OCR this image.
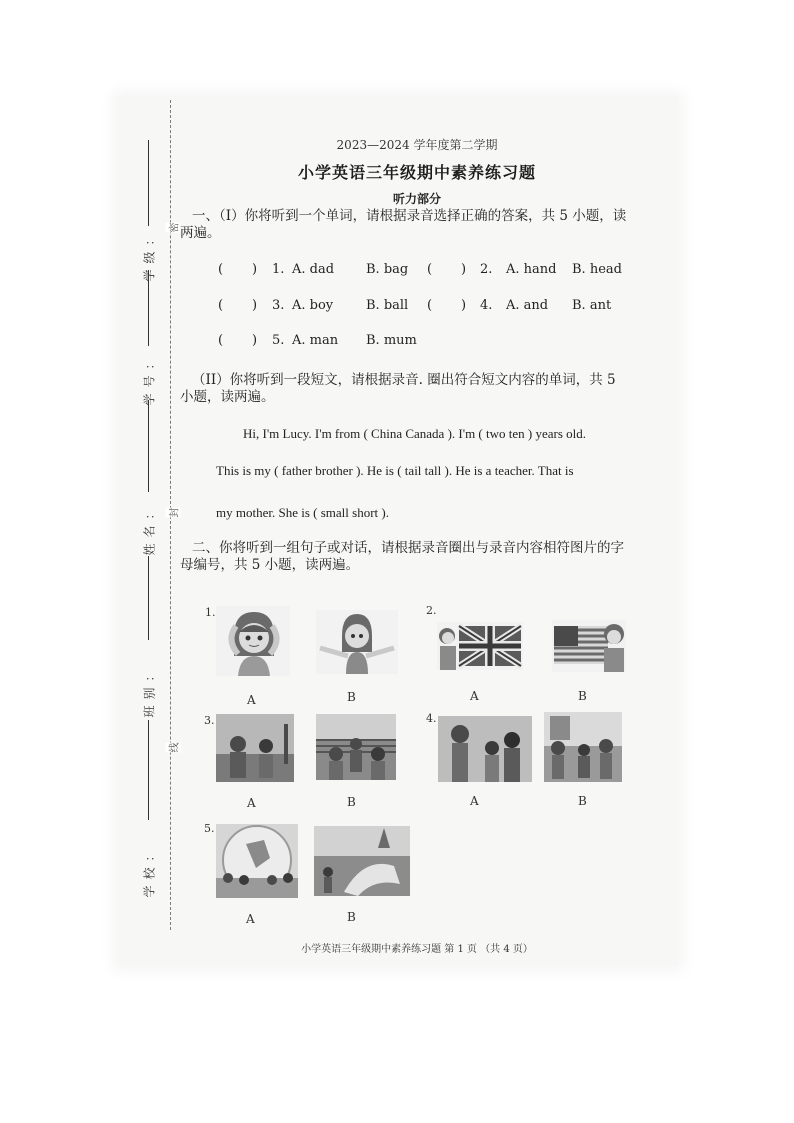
学级：
学号：
姓名：
班别：
学校：
密
封
线
2023—2024 学年度第二学期
小学英语三年级期中素养练习题
听力部分
一、（I）你将听到一个单词，请根据录音选择正确的答案，共 5 小题，读两遍。
(       ) 1. A. dad B. bag (       ) 2. A. hand B. head
(       ) 3. A. boy	B. ball (       ) 4. A. and B. ant
(       ) 5. A. man B. mum
（II）你将听到一段短文，请根据录音. 圈出符合短文内容的单词，共 5 小题，读两遍。
Hi, I'm Lucy. I'm from ( China Canada ). I'm ( two ten ) years old.
This is my ( father brother ). He is ( tail tall ). He is a teacher. That is
my mother. She is ( small short ).
二、你将听到一组句子或对话，请根据录音圈出与录音内容相符图片的字母编号，共 5 小题，读两遍。
1.
A	B
2.
A	B
3.
A	B
4.
A	B
5.
A	B
小学英语三年级期中素养练习题 第 1 页 （共 4 页）
